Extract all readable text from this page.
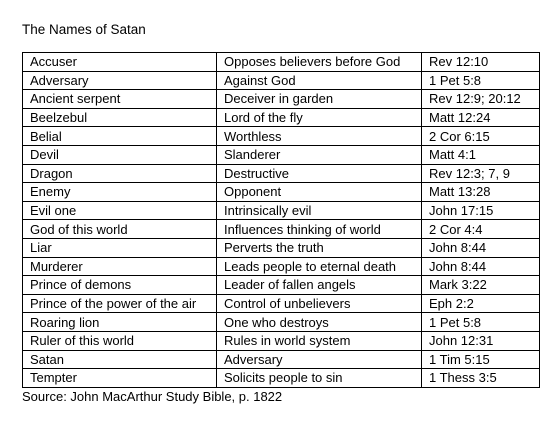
The Names of Satan
Accuser	Opposes believers before God	Rev 12:10
Adversary	Against God	1 Pet 5:8
Ancient serpent	Deceiver in garden	Rev 12:9; 20:12
Beelzebul	Lord of the fly	Matt 12:24
Belial	Worthless	2 Cor 6:15
Devil	Slanderer	Matt 4:1
Dragon	Destructive	Rev 12:3; 7, 9
Enemy	Opponent	Matt 13:28
Evil one	Intrinsically evil	John 17:15
God of this world	Influences thinking of world	2 Cor 4:4
Liar	Perverts the truth	John 8:44
Murderer	Leads people to eternal death	John 8:44
Prince of demons	Leader of fallen angels	Mark 3:22
Prince of the power of the air	Control of unbelievers	Eph 2:2
Roaring lion	One who destroys	1 Pet 5:8
Ruler of this world	Rules in world system	John 12:31
Satan	Adversary	1 Tim 5:15
Tempter	Solicits people to sin	1 Thess 3:5
Source: John MacArthur Study Bible, p. 1822
